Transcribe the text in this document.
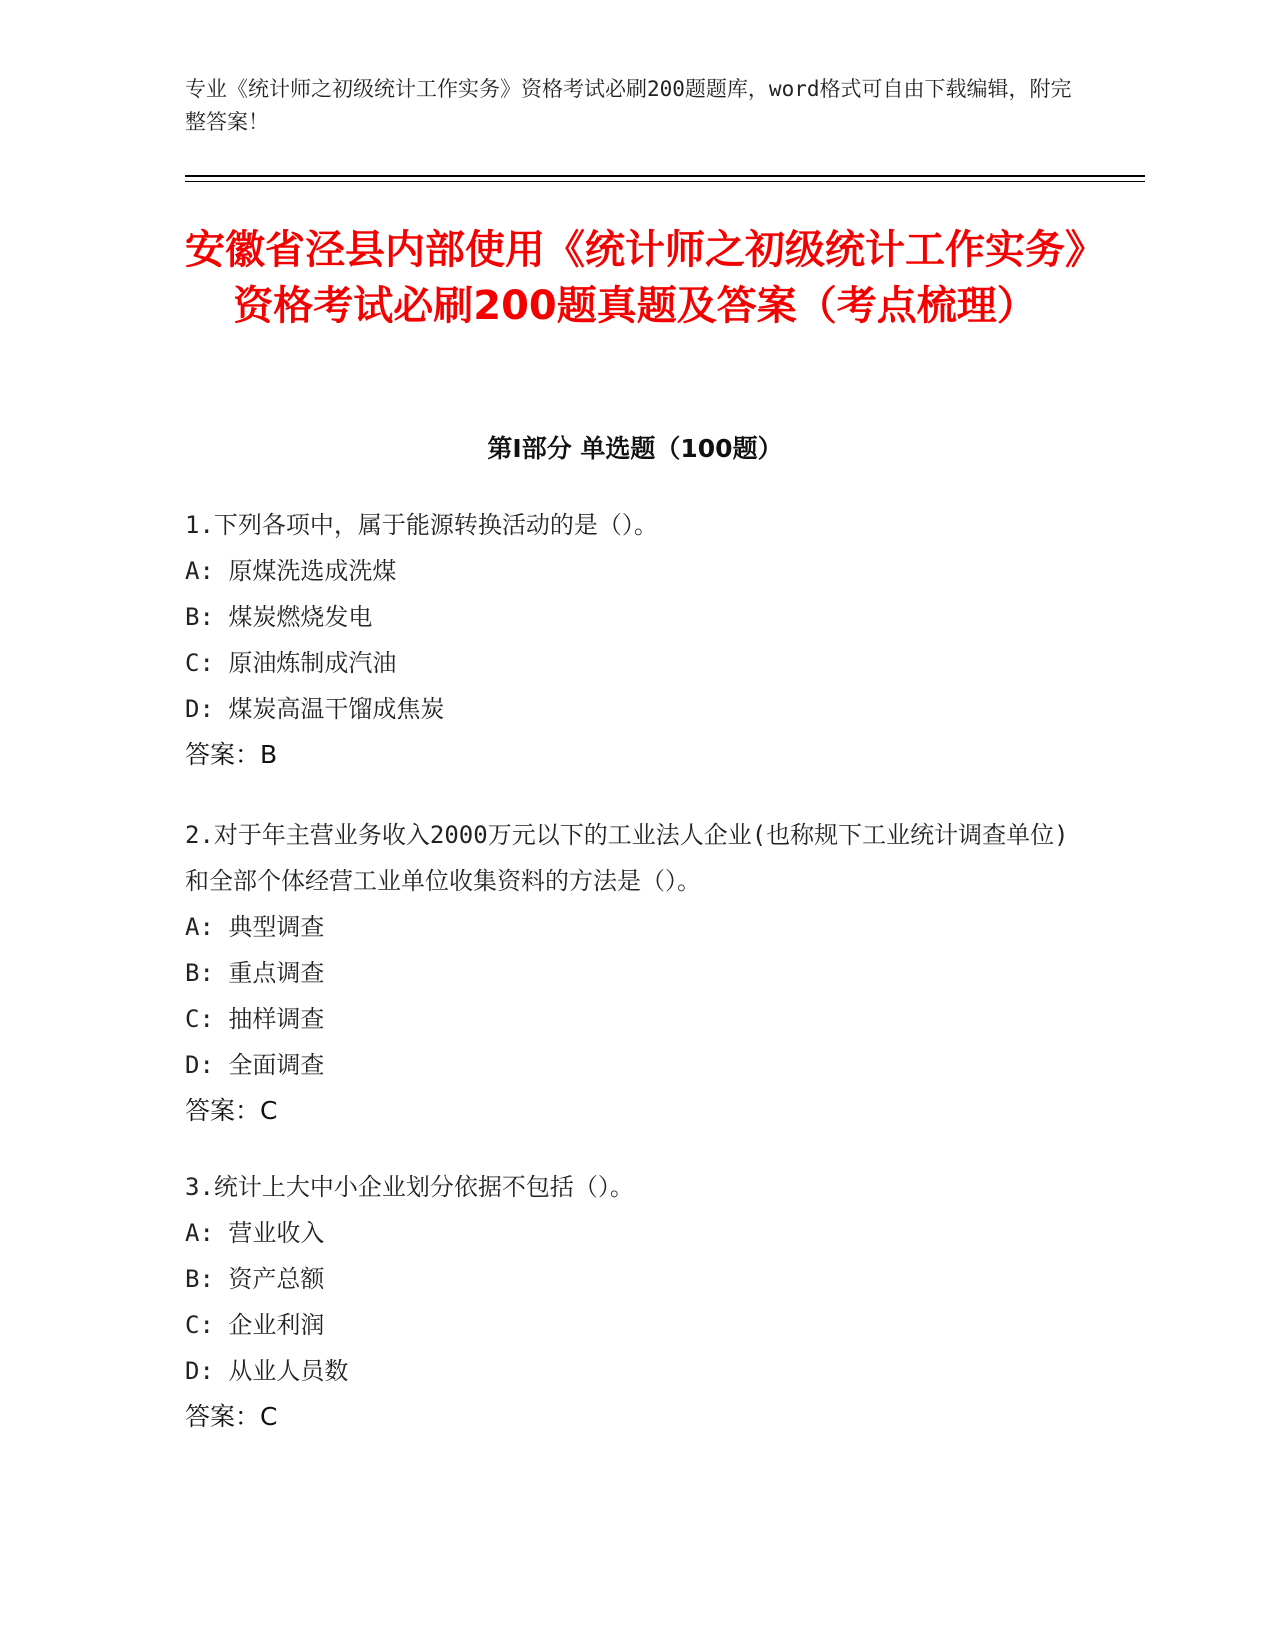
专业《统计师之初级统计工作实务》资格考试必刷200题题库，word格式可自由下载编辑，附完整答案！
安徽省泾县内部使用《统计师之初级统计工作实务》资格考试必刷200题真题及答案（考点梳理）
第Ⅰ部分 单选题（100题）
1.下列各项中，属于能源转换活动的是（）。
A: 原煤洗选成洗煤
B: 煤炭燃烧发电
C: 原油炼制成汽油
D: 煤炭高温干馏成焦炭
答案：B
2.对于年主营业务收入2000万元以下的工业法人企业(也称规下工业统计调查单位)和全部个体经营工业单位收集资料的方法是（）。
A: 典型调查
B: 重点调查
C: 抽样调查
D: 全面调查
答案：C
3.统计上大中小企业划分依据不包括（）。
A: 营业收入
B: 资产总额
C: 企业利润
D: 从业人员数
答案：C
